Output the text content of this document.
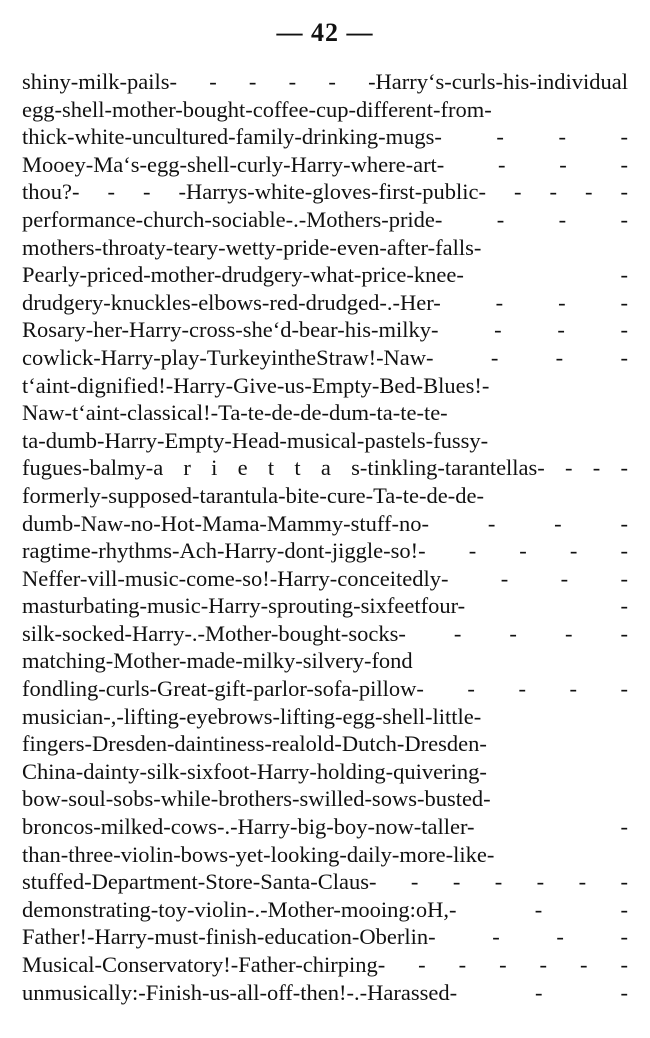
— 42 —
shiny-milk-pails- - - - - -Harry‘s-curls-his-individual
egg-shell-mother-bought-coffee-cup-different-from-
thick-white-uncultured-family-drinking-mugs- - - -
Mooey-Ma‘s-egg-shell-curly-Harry-where-art- - - -
thou?- - - -Harrys-white-gloves-first-public- - - - -
performance-church-sociable-.-Mothers-pride- - - -
mothers-throaty-teary-wetty-pride-even-after-falls-
Pearly-priced-mother-drudgery-what-price-knee- -
drudgery-knuckles-elbows-red-drudged-.-Her- - - -
Rosary-her-Harry-cross-she‘d-bear-his-milky- - - -
cowlick-Harry-play-TurkeyintheStraw!-Naw- - - -
t‘aint-dignified!-Harry-Give-us-Empty-Bed-Blues!-
Naw-t‘aint-classical!-Ta-te-de-de-dum-ta-te-te-
ta-dumb-Harry-Empty-Head-musical-pastels-fussy-
fugues-balmy-a r i e t t a s-tinkling-tarantellas- - - -
formerly-supposed-tarantula-bite-cure-Ta-te-de-de-
dumb-Naw-no-Hot-Mama-Mammy-stuff-no- - - -
ragtime-rhythms-Ach-Harry-dont-jiggle-so!- - - - -
Neffer-vill-music-come-so!-Harry-conceitedly- - - -
masturbating-music-Harry-sprouting-sixfeetfour- -
silk-socked-Harry-.-Mother-bought-socks- - - - -
matching-Mother-made-milky-silvery-fond
fondling-curls-Great-gift-parlor-sofa-pillow- - - - -
musician-,-lifting-eyebrows-lifting-egg-shell-little-
fingers-Dresden-daintiness-realold-Dutch-Dresden-
China-dainty-silk-sixfoot-Harry-holding-quivering-
bow-soul-sobs-while-brothers-swilled-sows-busted-
broncos-milked-cows-.-Harry-big-boy-now-taller- -
than-three-violin-bows-yet-looking-daily-more-like-
stuffed-Department-Store-Santa-Claus- - - - - - -
demonstrating-toy-violin-.-Mother-mooing:oH,- - -
Father!-Harry-must-finish-education-Oberlin- - - -
Musical-Conservatory!-Father-chirping- - - - - - -
unmusically:-Finish-us-all-off-then!-.-Harassed- - -
